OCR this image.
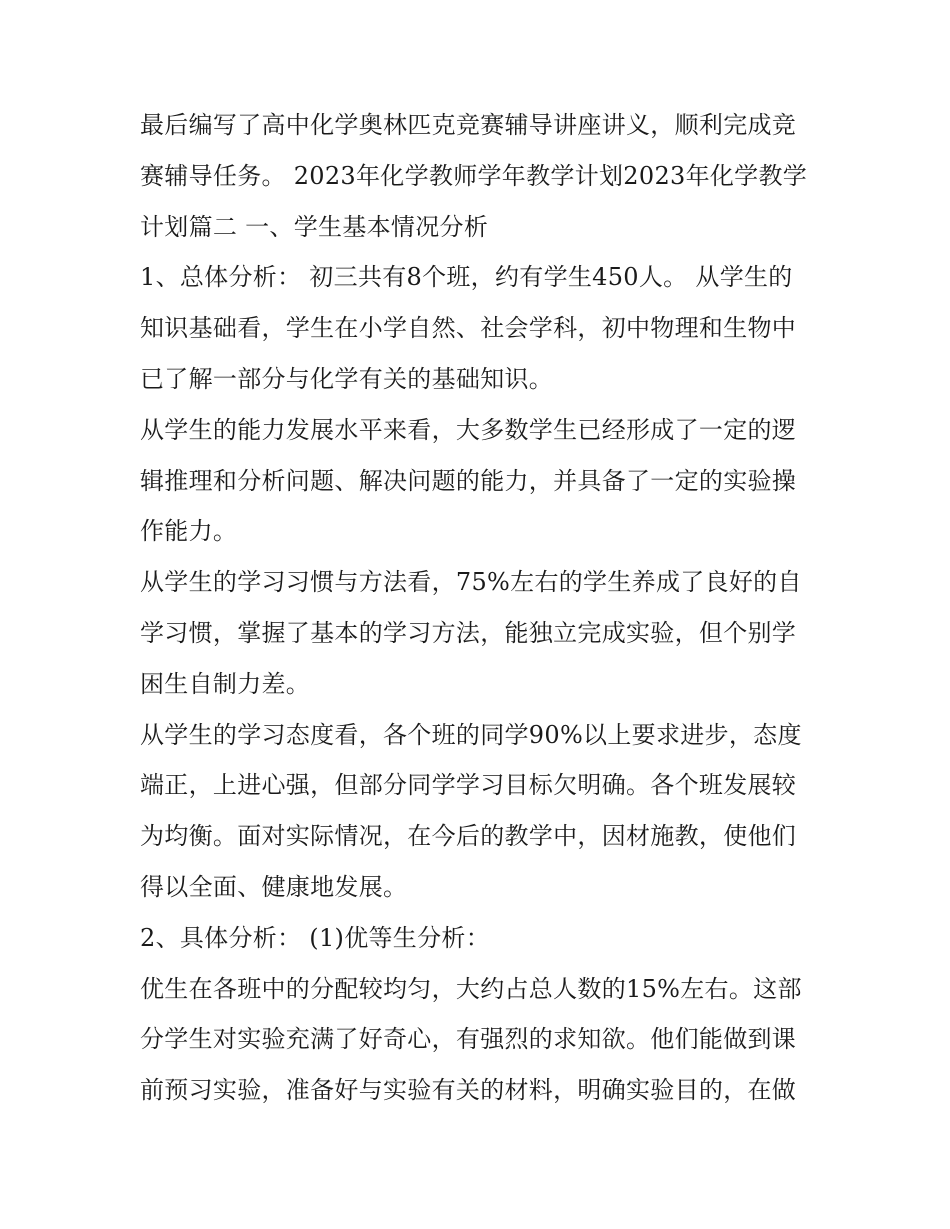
最后编写了高中化学奥林匹克竞赛辅导讲座讲义，顺利完成竞赛辅导任务。 2023年化学教师学年教学计划2023年化学教学计划篇二 一、学生基本情况分析

1、总体分析： 初三共有8个班，约有学生450人。 从学生的知识基础看，学生在小学自然、社会学科，初中物理和生物中已了解一部分与化学有关的基础知识。

从学生的能力发展水平来看，大多数学生已经形成了一定的逻辑推理和分析问题、解决问题的能力，并具备了一定的实验操作能力。

从学生的学习习惯与方法看，75%左右的学生养成了良好的自学习惯，掌握了基本的学习方法，能独立完成实验，但个别学困生自制力差。

从学生的学习态度看，各个班的同学90%以上要求进步，态度端正，上进心强，但部分同学学习目标欠明确。各个班发展较为均衡。面对实际情况，在今后的教学中，因材施教，使他们得以全面、健康地发展。

2、具体分析： (1)优等生分析：

优生在各班中的分配较均匀，大约占总人数的15%左右。这部分学生对实验充满了好奇心，有强烈的求知欲。他们能做到课前预习实验，准备好与实验有关的材料，明确实验目的，在做
